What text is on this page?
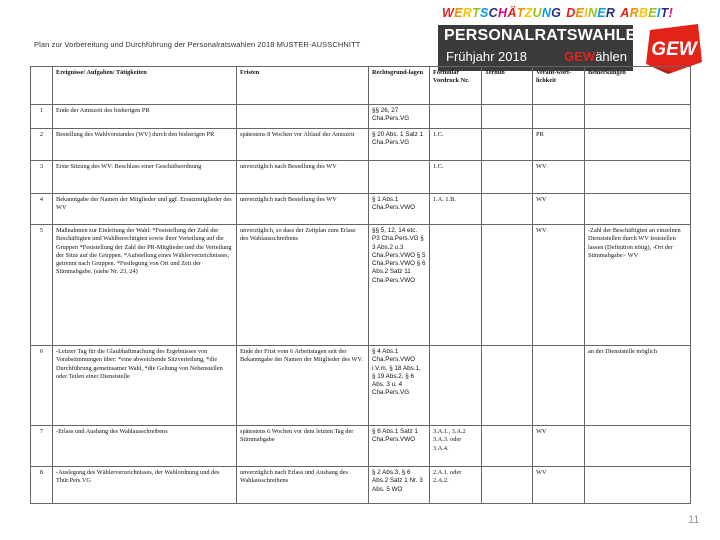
Plan zur Vorbereitung und Durchführung der Personalratswahlen 2018 MUSTER-AUSSCHNITT
WERTSCHÄTZUNG DEINER ARBEIT!
PERSONALRATSWAHLEN
Frühjahr 2018	GEWählen GEW
	Ereignisse/ Aufgaben/ Tätigkeiten	Fristen	Rechtsgrund-lagen	Formular Vordruck Nr.	Termin	Verant-wort-lichkeit	Bemerkungen
1	Ende der Amtszeit des bisherigen PR		§§ 26, 27 Cha.Pers.VG				
2	Bestellung des Wahlvorstandes (WV) durch den bisherigen PR	spätestens 8 Wochen vor Ablauf der Amtszeit	§ 20 Abs. 1 Satz 1 Cha.Pers.VG	1.C.		PR	
3	Erste Sitzung des WV: Beschluss einer Geschäftsordnung	unverzüglich nach Bestellung des WV		1.C.		WV	
4	Bekanntgabe der Namen der Mitglieder und ggf. Ersatzmitglieder des WV	unverzüglich nach Bestellung des WV	§ 1 Abs.1 Cha.Pers.VWO	1.A. 1.B.		WV	
5	Maßnahmen zur Einleitung der Wahl: *Feststellung der Zahl der Beschäftigten und Wahlberechtigten sowie ihrer Verteilung auf die Gruppen *Feststellung der Zahl der PR-Mitglieder und die Verteilung der Sitze auf die Gruppen. *Aufstellung eines Wählerverzeichnisses, getrennt nach Gruppen. *Festlegung von Ort und Zeit der Stimmabgabe. (siehe Nr. 23, 24)	unverzüglich, so dass der Zeitplan zum Erlass des Wahlausschreibens	§§ 5, 12, 14 etc. P3 Cha.Pers.VG § 3 Abs.2 u.3 Cha.Pers.VWO § 5 Cha.Pers.VWO § 6 Abs.2 Satz 11 Cha.Pers.VWO			WV	-Zahl der Beschäftigten an einzelnen Dienststellen durch WV feststellen lassen (Definition nötig), -Ort der Stimmabgabe> WV
6	-Letzter Tag für die Glaubhaftmachung des Ergebnisses von Vorabstimmungen über: *eine abweichende Sitzverteilung, *die Durchführung gemeinsamer Wahl, *die Geltung von Nebenstellen oder Teilen einer Dienststelle	Ende der Frist vom 6 Arbeitstagen seit der Bekanntgabe der Namen der Mitglieder des WV.	§ 4 Abs.1 Cha.Pers.VWO i.V.m. § 18 Abs.1, § 19 Abs.2, § 6 Abs. 3 u. 4 Cha.Pers.VG				an der Dienststelle möglich
7	-Erlass und Aushang des Wahlausschreibens	spätestens 6 Wochen vor dem letzten Tag der Stimmabgabe	§ 6 Abs.1 Satz 1 Cha.Pers.VWO	3.A.1., 3.A.2 3.A.3. oder 3.A.4.		WV	
8	-Auslegung des Wählerverzeichnisses, der Wahlordnung und des Thür.Pers.VG	unverzüglich nach Erlass und Aushang des Wahlausschreibens	§ 2 Abs.3, § 6 Abs.2 Satz 1 Nr. 3 Abs. 5 WO	2.A.1. oder 2.A.2.		WV	
11
